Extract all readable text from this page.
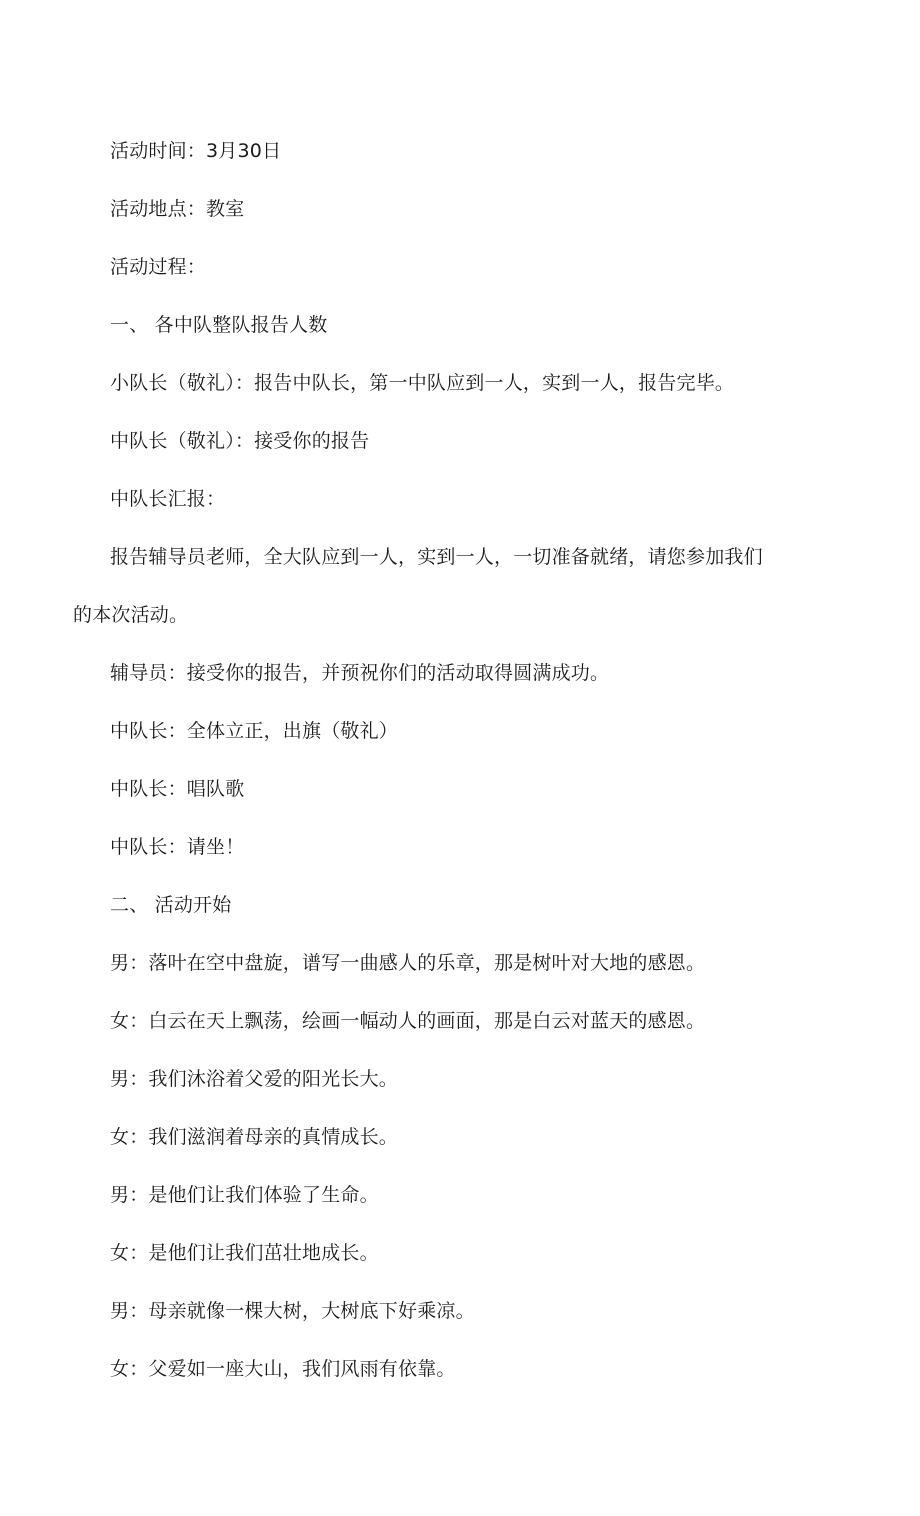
活动时间：3月30日

活动地点：教室

活动过程：

一、 各中队整队报告人数

小队长（敬礼）：报告中队长，第一中队应到一人，实到一人，报告完毕。

中队长（敬礼）：接受你的报告

中队长汇报：

报告辅导员老师，全大队应到一人，实到一人，一切准备就绪，请您参加我们

的本次活动。

辅导员：接受你的报告，并预祝你们的活动取得圆满成功。

中队长：全体立正，出旗（敬礼）

中队长：唱队歌

中队长：请坐！

二、 活动开始

男：落叶在空中盘旋，谱写一曲感人的乐章，那是树叶对大地的感恩。

女：白云在天上飘荡，绘画一幅动人的画面，那是白云对蓝天的感恩。

男：我们沐浴着父爱的阳光长大。

女：我们滋润着母亲的真情成长。

男：是他们让我们体验了生命。

女：是他们让我们茁壮地成长。

男：母亲就像一棵大树，大树底下好乘凉。

女：父爱如一座大山，我们风雨有依靠。
